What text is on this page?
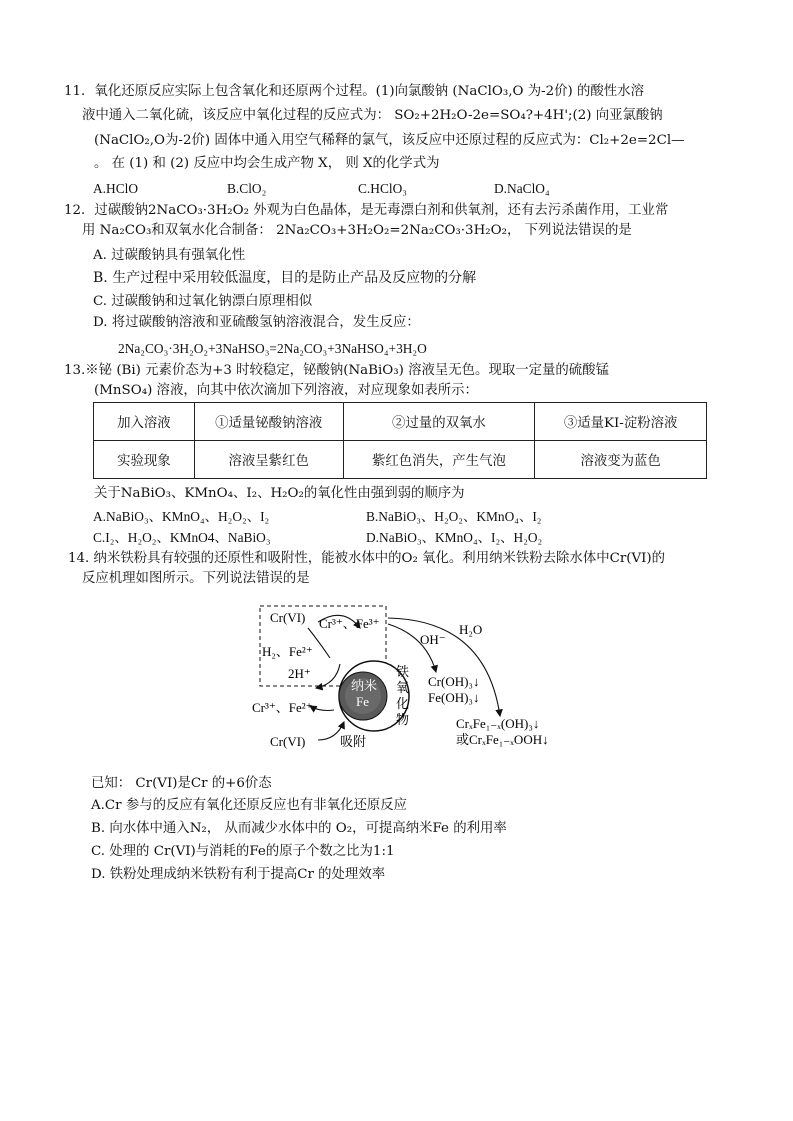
11．氧化还原反应实际上包含氧化和还原两个过程。(1)向氯酸钠 (NaClO₃,O 为-2价) 的酸性水溶
液中通入二氧化硫，该反应中氧化过程的反应式为： SO₂+2H₂O-2e=SO₄?+4H';(2) 向亚氯酸钠
(NaClO₂,O为-2价) 固体中通入用空气稀释的氯气，该反应中还原过程的反应式为：Cl₂+2e=2Cl—
。 在 (1) 和 (2) 反应中均会生成产物 X， 则 X的化学式为
A.HClO	B.ClO₂	C.HClO₃	D.NaClO₄
12．过碳酸钠2NaCO₃·3H₂O₂ 外观为白色晶体，是无毒漂白剂和供氧剂，还有去污杀菌作用，工业常
用 Na₂CO₃和双氧水化合制备： 2Na₂CO₃+3H₂O₂=2Na₂CO₃·3H₂O₂， 下列说法错误的是
A. 过碳酸钠具有强氧化性
B. 生产过程中采用较低温度，目的是防止产品及反应物的分解
C. 过碳酸钠和过氧化钠漂白原理相似
D. 将过碳酸钠溶液和亚硫酸氢钠溶液混合，发生反应：
2Na₂CO₃·3H₂O₂+3NaHSO₃=2Na₂CO₃+3NaHSO₄+3H₂O
13.※铋 (Bi) 元素价态为+3 时较稳定，铋酸钠(NaBiO₃) 溶液呈无色。现取一定量的硫酸锰
(MnSO₄) 溶液，向其中依次滴加下列溶液，对应现象如表所示：
加入溶液	①适量铋酸钠溶液	②过量的双氧水	③适量KI-淀粉溶液
实验现象	溶液呈紫红色	紫红色消失，产生气泡	溶液变为蓝色
关于NaBiO₃、KMnO₄、I₂、H₂O₂的氧化性由强到弱的顺序为
A.NaBiO₃、KMnO₄、H₂O₂、I₂	B.NaBiO₃、H₂O₂、KMnO₄、I₂
C.I₂、H₂O₂、KMnO4、NaBiO₃	D.NaBiO₃、KMnO₄、I₂、H₂O₂
14. 纳米铁粉具有较强的还原性和吸附性，能被水体中的O₂ 氧化。利用纳米铁粉去除水体中Cr(VI)的
反应机理如图所示。下列说法错误的是
纳米
Fe
铁
氧
化
物
Cr(VI) Cr³⁺、Fe³⁺
H₂、Fe²⁺
2H⁺
OH⁻
H₂O
Cr(OH)₃↓
Fe(OH)₃↓
CrₓFe₁₋ₓ(OH)₃↓
或CrₓFe₁₋ₓOOH↓
Cr³⁺、Fe²⁺
Cr(VI)	吸附
已知： Cr(VI)是Cr 的+6价态
A.Cr 参与的反应有氧化还原反应也有非氧化还原反应
B. 向水体中通入N₂， 从而减少水体中的 O₂，可提高纳米Fe 的利用率
C. 处理的 Cr(VI)与消耗的Fe的原子个数之比为1:1
D. 铁粉处理成纳米铁粉有利于提高Cr 的处理效率
